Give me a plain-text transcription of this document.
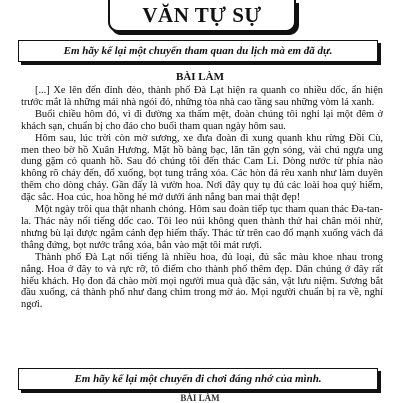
VĂN TỰ SỰ
Em hãy kể lại một chuyến tham quan du lịch mà em đã dự.
BÀI LÀM

[...] Xe lên đến đỉnh đèo, thành phố Đà Lạt hiện ra quanh co nhiều dốc, ẩn hiện trước mắt là những mái nhà ngói đỏ, những tòa nhà cao tầng sau những vòm lá xanh.

Buổi chiều hôm đó, vì đi đường xa thấm mệt, đoàn chúng tôi nghỉ lại một đêm ở khách sạn, chuẩn bị cho đáo cho buổi tham quan ngày hôm sau.

Hôm sau, lúc trời còn mờ sương, xe đưa đoàn đi xung quanh khu rừng Đồi Cù, men theo bờ hồ Xuân Hương. Mặt hồ bàng bạc, lăn tăn gợn sóng, vài chú ngựa ung dung gặm cỏ quanh hồ. Sau đó chúng tôi đến thác Cam Li. Dòng nước từ phía nào không rõ chảy đến, đổ xuống, bọt tung trắng xóa. Các hòn đá rêu xanh như làm duyên thêm cho dòng chảy. Gần đấy là vườn hoa. Nơi đây quy tụ đủ các loài hoa quý hiếm, đặc sắc. Hoa cúc, hoa hồng hé mở dưới ánh nắng ban mai thật đẹp!

Một ngày trôi qua thật nhanh chóng. Hôm sau đoàn tiếp tục tham quan thác Đa-tan-la. Thác này nổi tiếng dốc cao. Tôi leo núi không quen thành thử hai chân mỏi nhừ, nhưng bù lại được ngắm cảnh đẹp hiếm thấy. Thác từ trên cao đổ mạnh xuống vách đá thẳng đứng, bọt nước trắng xóa, bắn vào mặt tôi mát rượi.

Thành phố Đà Lạt nổi tiếng là nhiều hoa, đủ loại, đủ sắc màu khoe nhau trong nắng. Hoa ở đây to và rực rỡ, tô điểm cho thành phố thêm đẹp. Dân chúng ở đây rất hiếu khách. Họ đon đả chào mời mọi người mua quà đặc sản, vật lưu niệm. Sương bắt đầu xuống, cả thành phố như đang chìm trong mờ ảo. Mọi người chuẩn bị ra về, nghỉ ngơi.

Em hãy kể lại một chuyến đi chơi đáng nhớ của mình.
BÀI LÀM
